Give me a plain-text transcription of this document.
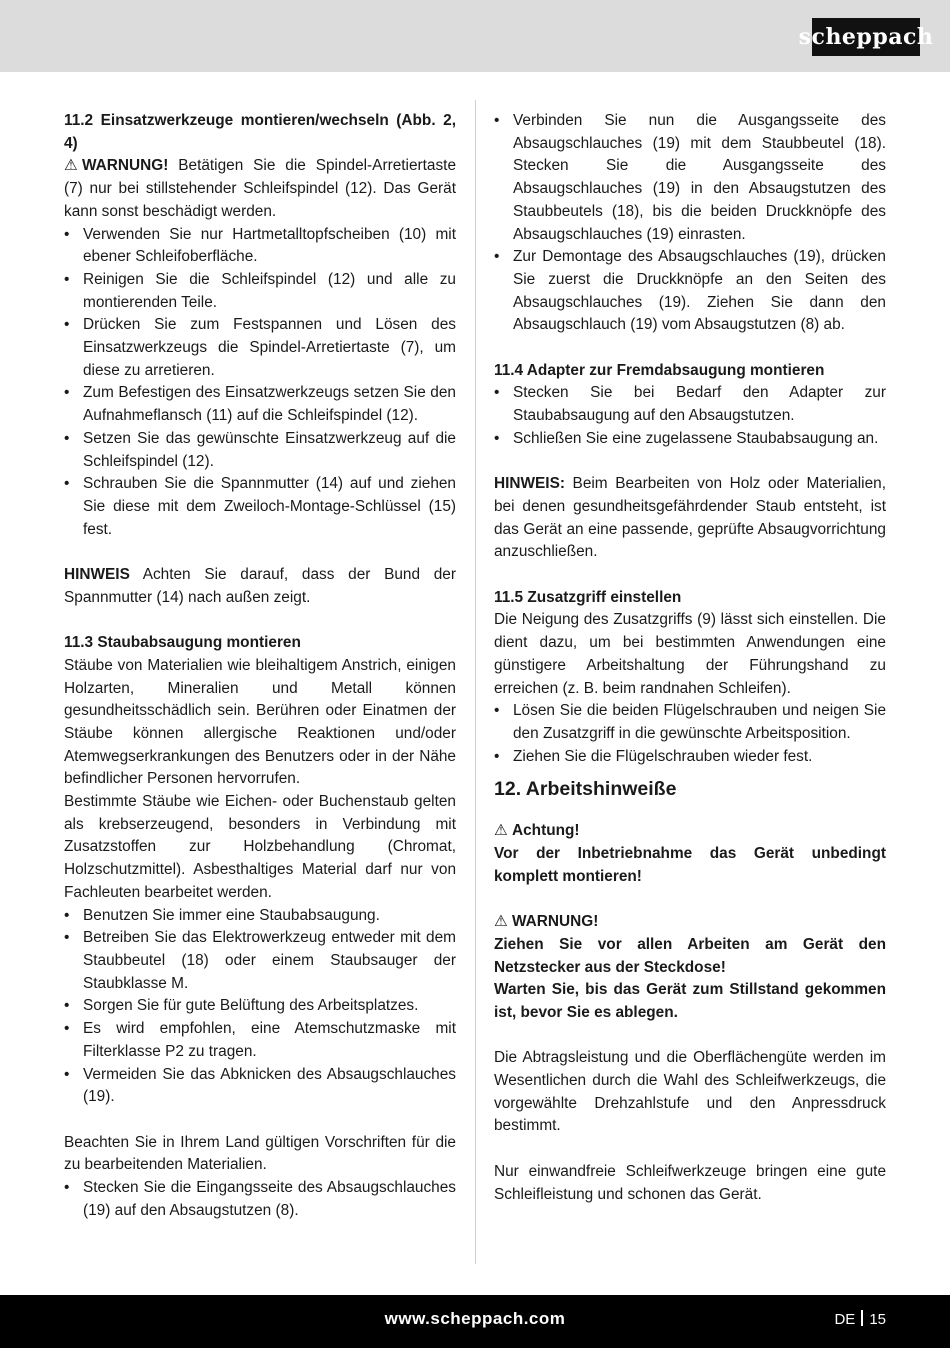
scheppach
11.2 Einsatzwerkzeuge montieren/wechseln (Abb. 2, 4)

⚠ WARNUNG! Betätigen Sie die Spindel-Arretiertaste (7) nur bei stillstehender Schleifspindel (12). Das Gerät kann sonst beschädigt werden.

• Verwenden Sie nur Hartmetalltopfscheiben (10) mit ebener Schleifoberfläche.
• Reinigen Sie die Schleifspindel (12) und alle zu montierenden Teile.
• Drücken Sie zum Festspannen und Lösen des Einsatzwerkzeugs die Spindel-Arretiertaste (7), um diese zu arretieren.
• Zum Befestigen des Einsatzwerkzeugs setzen Sie den Aufnahmeflansch (11) auf die Schleifspindel (12).
• Setzen Sie das gewünschte Einsatzwerkzeug auf die Schleifspindel (12).
• Schrauben Sie die Spannmutter (14) auf und ziehen Sie diese mit dem Zweiloch-Montage-Schlüssel (15) fest.

HINWEIS Achten Sie darauf, dass der Bund der Spannmutter (14) nach außen zeigt.

11.3 Staubabsaugung montieren

Stäube von Materialien wie bleihaltigem Anstrich, einigen Holzarten, Mineralien und Metall können gesundheitsschädlich sein. Berühren oder Einatmen der Stäube können allergische Reaktionen und/oder Atemwegserkrankungen des Benutzers oder in der Nähe befindlicher Personen hervorrufen.

Bestimmte Stäube wie Eichen- oder Buchenstaub gelten als krebserzeugend, besonders in Verbindung mit Zusatzstoffen zur Holzbehandlung (Chromat, Holzschutzmittel). Asbesthaltiges Material darf nur von Fachleuten bearbeitet werden.

• Benutzen Sie immer eine Staubabsaugung.
• Betreiben Sie das Elektrowerkzeug entweder mit dem Staubbeutel (18) oder einem Staubsauger der Staubklasse M.
• Sorgen Sie für gute Belüftung des Arbeitsplatzes.
• Es wird empfohlen, eine Atemschutzmaske mit Filterklasse P2 zu tragen.
• Vermeiden Sie das Abknicken des Absaugschlauches (19).

Beachten Sie in Ihrem Land gültigen Vorschriften für die zu bearbeitenden Materialien.

• Stecken Sie die Eingangsseite des Absaugschlauches (19) auf den Absaugstutzen (8).
• Verbinden Sie nun die Ausgangsseite des Absaugschlauches (19) mit dem Staubbeutel (18). Stecken Sie die Ausgangsseite des Absaugschlauches (19) in den Absaugstutzen des Staubbeutels (18), bis die beiden Druckknöpfe des Absaugschlauches (19) einrasten.
• Zur Demontage des Absaugschlauches (19), drücken Sie zuerst die Druckknöpfe an den Seiten des Absaugschlauches (19). Ziehen Sie dann den Absaugschlauch (19) vom Absaugstutzen (8) ab.
11.4 Adapter zur Fremdabsaugung montieren
• Stecken Sie bei Bedarf den Adapter zur Staubabsaugung auf den Absaugstutzen.
• Schließen Sie eine zugelassene Staubabsaugung an.

HINWEIS: Beim Bearbeiten von Holz oder Materialien, bei denen gesundheitsgefährdender Staub entsteht, ist das Gerät an eine passende, geprüfte Absaugvorrichtung anzuschließen.

11.5 Zusatzgriff einstellen

Die Neigung des Zusatzgriffs (9) lässt sich einstellen. Die dient dazu, um bei bestimmten Anwendungen eine günstigere Arbeitshaltung der Führungshand zu erreichen (z. B. beim randnahen Schleifen).

• Lösen Sie die beiden Flügelschrauben und neigen Sie den Zusatzgriff in die gewünschte Arbeitsposition.
• Ziehen Sie die Flügelschrauben wieder fest.
12. Arbeitshinweiße

⚠ Achtung!

Vor der Inbetriebnahme das Gerät unbedingt komplett montieren!

⚠ WARNUNG!

Ziehen Sie vor allen Arbeiten am Gerät den Netzstecker aus der Steckdose!

Warten Sie, bis das Gerät zum Stillstand gekommen ist, bevor Sie es ablegen.

Die Abtragsleistung und die Oberflächengüte werden im Wesentlichen durch die Wahl des Schleifwerkzeugs, die vorgewählte Drehzahlstufe und den Anpressdruck bestimmt.

Nur einwandfreie Schleifwerkzeuge bringen eine gute Schleifleistung und schonen das Gerät.

www.scheppach.com	DE 15
